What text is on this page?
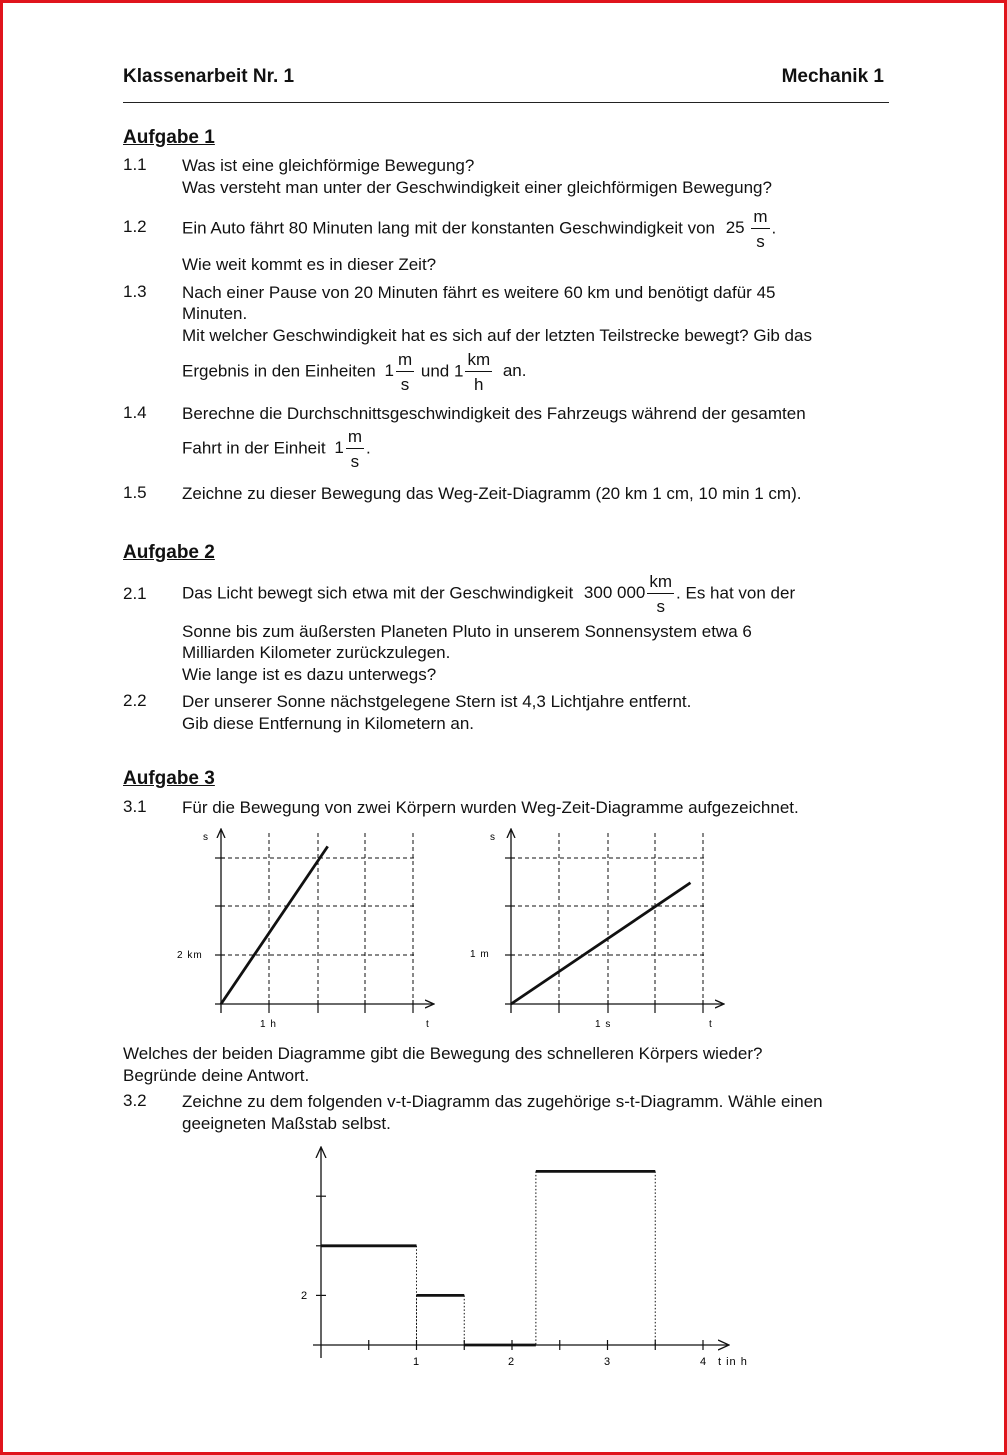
Klassenarbeit Nr. 1	Mechanik 1
Aufgabe 1
1.1 Was ist eine gleichförmige Bewegung?
Was versteht man unter der Geschwindigkeit einer gleichförmigen Bewegung?
1.2 Ein Auto fährt 80 Minuten lang mit der konstanten Geschwindigkeit von $25 \frac{m}{s}$ .
Wie weit kommt es in dieser Zeit?
1.3 Nach einer Pause von 20 Minuten fährt es weitere 60 km und benötigt dafür 45
Minuten.
Mit welcher Geschwindigkeit hat es sich auf der letzten Teilstrecke bewegt? Gib das
Ergebnis in den Einheiten $1 \frac{m}{s}$ und $1 \frac{km}{h}$ an.
1.4 Berechne die Durchschnittsgeschwindigkeit des Fahrzeugs während der gesamten
Fahrt in der Einheit $1 \frac{m}{s}$ .
1.5 Zeichne zu dieser Bewegung das Weg-Zeit-Diagramm (20 km 1 cm, 10 min 1 cm).
Aufgabe 2
2.1 Das Licht bewegt sich etwa mit der Geschwindigkeit 300 $000 \frac{km}{s}$ . Es hat von der
Sonne bis zum äußersten Planeten Pluto in unserem Sonnensystem etwa 6
Milliarden Kilometer zurückzulegen.
Wie lange ist es dazu unterwegs?
2.2 Der unserer Sonne nächstgelegene Stern ist 4,3 Lichtjahre entfernt.
Gib diese Entfernung in Kilometern an.
Aufgabe 3
3.1 Für die Bewegung von zwei Körpern wurden Weg-Zeit-Diagramme aufgezeichnet.
s
2 km
1 h	t
s
1 m
1 s	t
Welches der beiden Diagramme gibt die Bewegung des schnelleren Körpers wieder?
Begründe deine Antwort.
3.2 Zeichne zu dem folgenden v-t-Diagramm das zugehörige s-t-Diagramm. Wähle einen
geeigneten Maßstab selbst.
2
1	2	3	4 t in h
